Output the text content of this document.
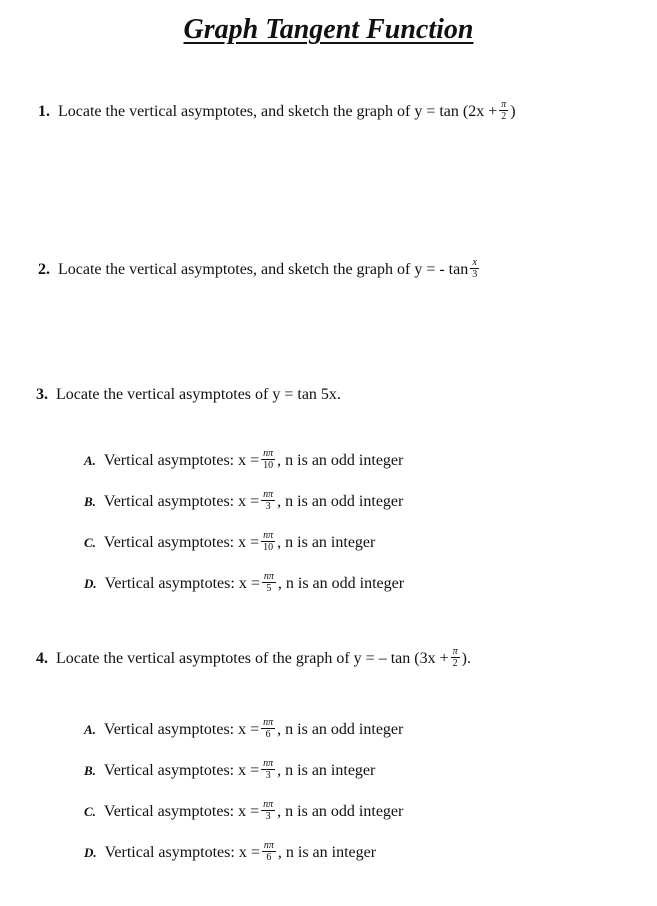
Graph Tangent Function
1. Locate the vertical asymptotes, and sketch the graph of $y = \tan (2x + \frac{\pi}{2}$ )
2. Locate the vertical asymptotes, and sketch the graph of y = - $\tan \frac{x}{3}$
3. Locate the vertical asymptotes of y = tan 5x.
A. Vertical asymptotes: $x = \frac{n\pi}{10}$ , n is an odd integer
B. Vertical asymptotes: $x = \frac{n\pi}{3}$ , n is an odd integer
C. Vertical asymptotes: $x = \frac{n\pi}{10}$ , n is an integer
D. Vertical asymptotes: $x = \frac{n\pi}{5}$ , n is an odd integer
4. Locate the vertical asymptotes of the graph of y = – $\tan (3x + \frac{\pi}{2}$ ).
A. Vertical asymptotes: $x = \frac{n\pi}{6}$ , n is an odd integer
B. Vertical asymptotes: $x = \frac{n\pi}{3}$ , n is an integer
C. Vertical asymptotes: $x = \frac{n\pi}{3}$ , n is an odd integer
D. Vertical asymptotes: $x = \frac{n\pi}{6}$ , n is an integer
